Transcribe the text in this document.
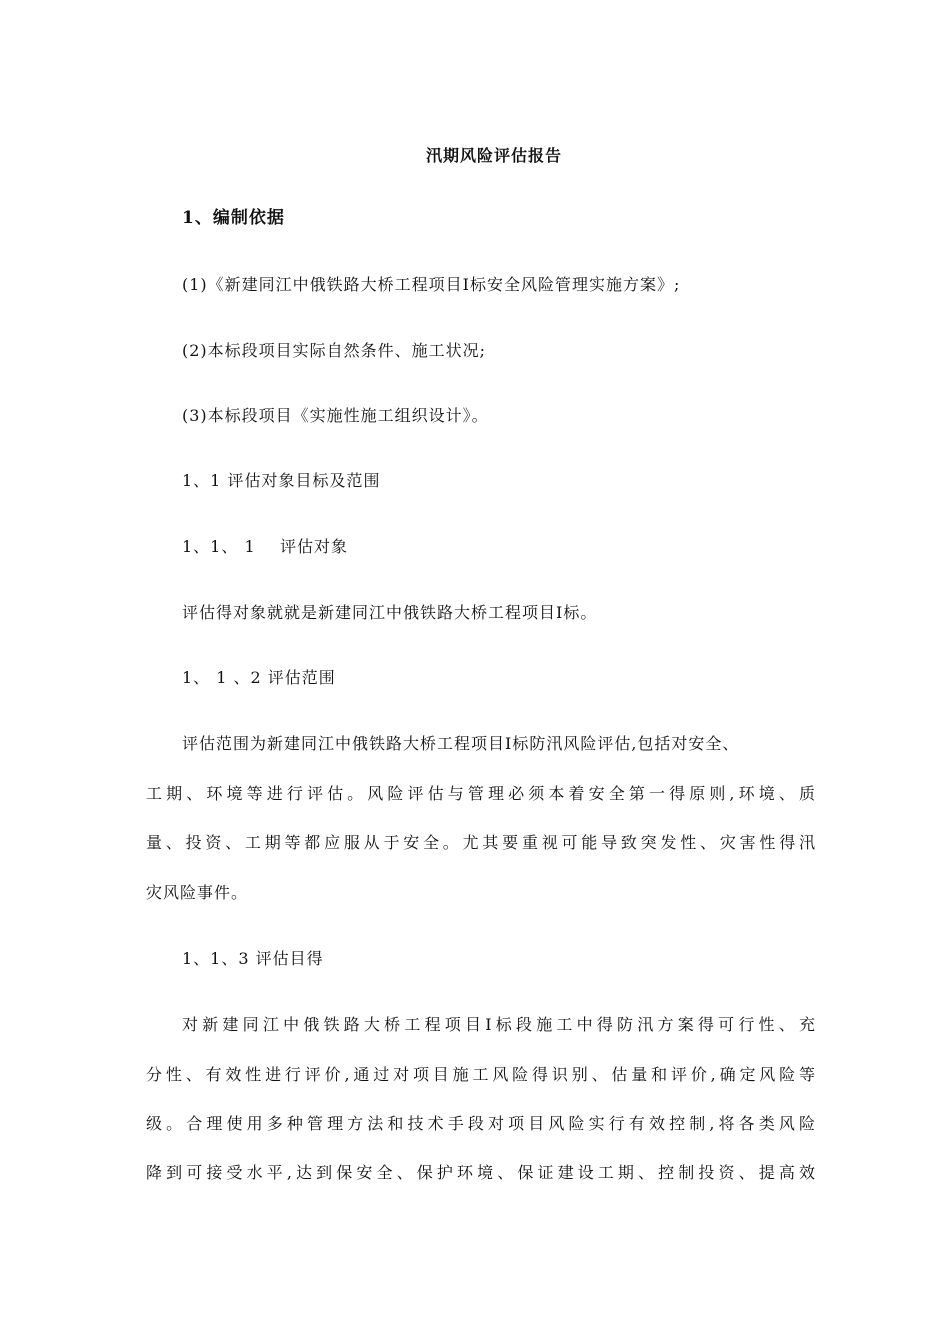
汛期风险评估报告
1、编制依据
(1)《新建同江中俄铁路大桥工程项目Ⅰ标安全风险管理实施方案》;
(2)本标段项目实际自然条件、施工状况;
(3)本标段项目《实施性施工组织设计》。
1、1 评估对象目标及范围
1、1、 1    评估对象
评估得对象就就是新建同江中俄铁路大桥工程项目Ⅰ标。
1、 1 、2 评估范围
评估范围为新建同江中俄铁路大桥工程项目Ⅰ标防汛风险评估,包括对安全、
工期、环境等进行评估。风险评估与管理必须本着安全第一得原则,环境、质
量、投资、工期等都应服从于安全。尤其要重视可能导致突发性、灾害性得汛
灾风险事件。
1、1、3 评估目得
对新建同江中俄铁路大桥工程项目Ⅰ标段施工中得防汛方案得可行性、充
分性、有效性进行评价,通过对项目施工风险得识别、估量和评价,确定风险等
级。合理使用多种管理方法和技术手段对项目风险实行有效控制,将各类风险
降到可接受水平,达到保安全、保护环境、保证建设工期、控制投资、提高效
